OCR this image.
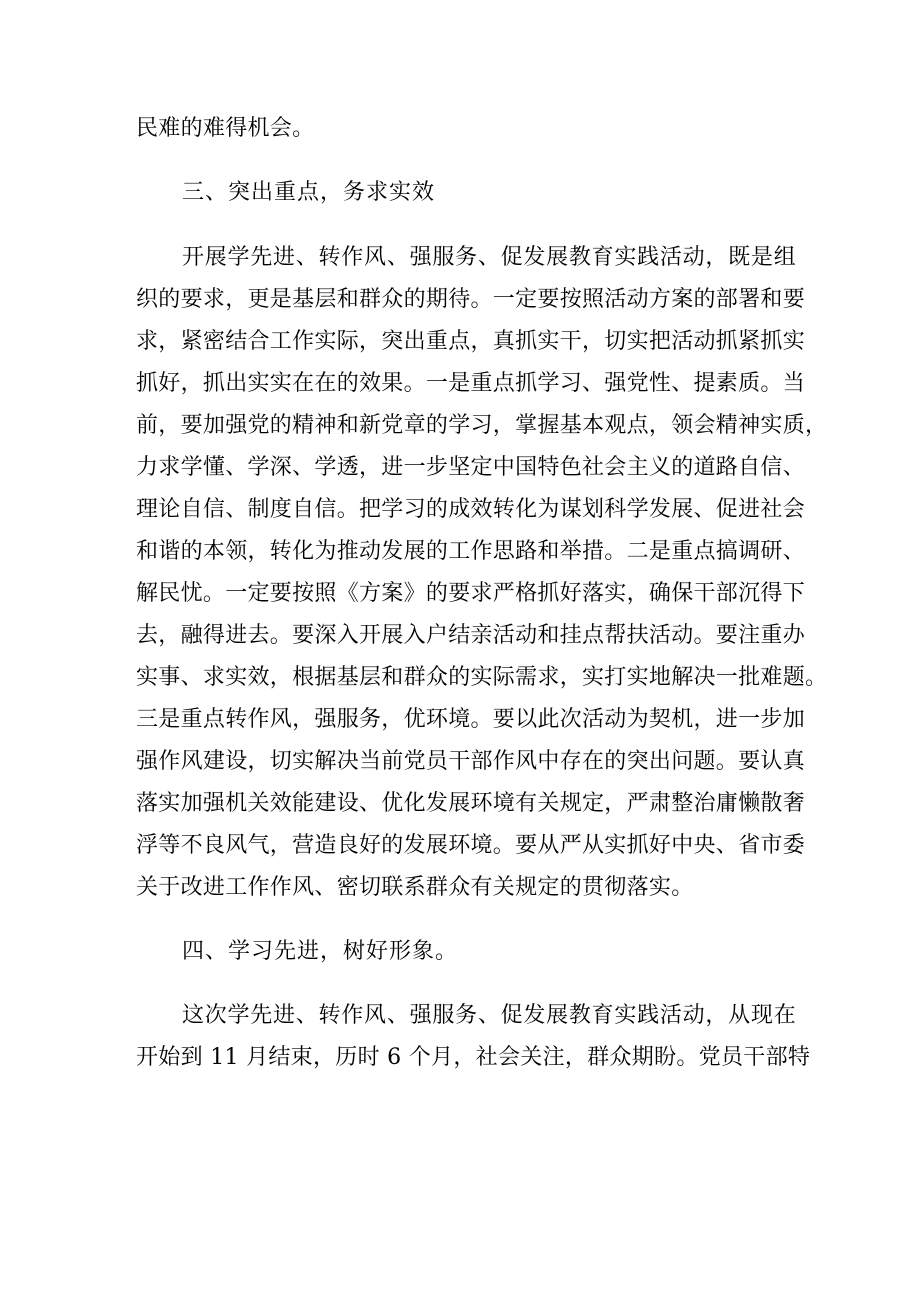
民难的难得机会。
三、突出重点，务求实效
开展学先进、转作风、强服务、促发展教育实践活动，既是组
织的要求，更是基层和群众的期待。一定要按照活动方案的部署和要
求，紧密结合工作实际，突出重点，真抓实干，切实把活动抓紧抓实
抓好，抓出实实在在的效果。一是重点抓学习、强党性、提素质。当
前，要加强党的精神和新党章的学习，掌握基本观点，领会精神实质，
力求学懂、学深、学透，进一步坚定中国特色社会主义的道路自信、
理论自信、制度自信。把学习的成效转化为谋划科学发展、促进社会
和谐的本领，转化为推动发展的工作思路和举措。二是重点搞调研、
解民忧。一定要按照《方案》的要求严格抓好落实，确保干部沉得下
去，融得进去。要深入开展入户结亲活动和挂点帮扶活动。要注重办
实事、求实效，根据基层和群众的实际需求，实打实地解决一批难题。
三是重点转作风，强服务，优环境。要以此次活动为契机，进一步加
强作风建设，切实解决当前党员干部作风中存在的突出问题。要认真
落实加强机关效能建设、优化发展环境有关规定，严肃整治庸懒散奢
浮等不良风气，营造良好的发展环境。要从严从实抓好中央、省市委
关于改进工作作风、密切联系群众有关规定的贯彻落实。
四、学习先进，树好形象。
这次学先进、转作风、强服务、促发展教育实践活动，从现在
开始到 11 月结束，历时 6 个月，社会关注，群众期盼。党员干部特
